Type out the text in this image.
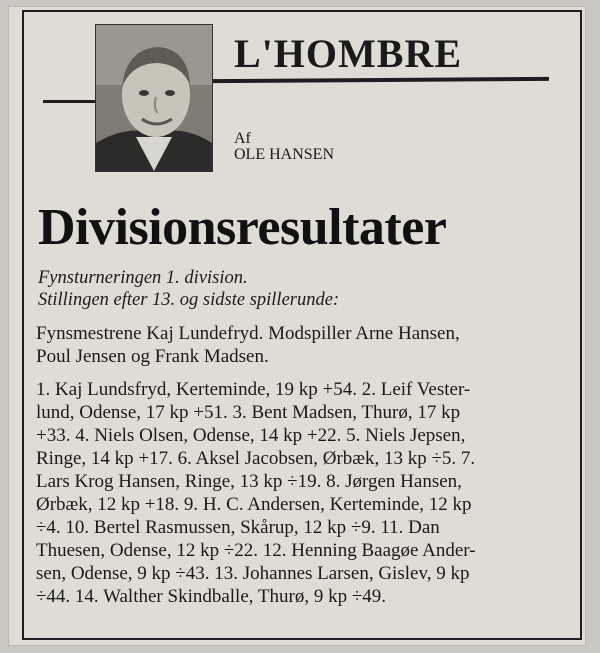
L'HOMBRE
Af
OLE HANSEN
Divisionsresultater
Fynsturneringen 1. division.
Stillingen efter 13. og sidste spillerunde:
Fynsmestrene Kaj Lundefryd. Modspiller Arne Hansen,
Poul Jensen og Frank Madsen.
1. Kaj Lundsfryd, Kerteminde, 19 kp +54. 2. Leif Vester-
lund, Odense, 17 kp +51. 3. Bent Madsen, Thurø, 17 kp
+33. 4. Niels Olsen, Odense, 14 kp +22. 5. Niels Jepsen,
Ringe, 14 kp +17. 6. Aksel Jacobsen, Ørbæk, 13 kp ÷5. 7.
Lars Krog Hansen, Ringe, 13 kp ÷19. 8. Jørgen Hansen,
Ørbæk, 12 kp +18. 9. H. C. Andersen, Kerteminde, 12 kp
÷4. 10. Bertel Rasmussen, Skårup, 12 kp ÷9. 11. Dan
Thuesen, Odense, 12 kp ÷22. 12. Henning Baagøe Ander-
sen, Odense, 9 kp ÷43. 13. Johannes Larsen, Gislev, 9 kp
÷44. 14. Walther Skindballe, Thurø, 9 kp ÷49.
